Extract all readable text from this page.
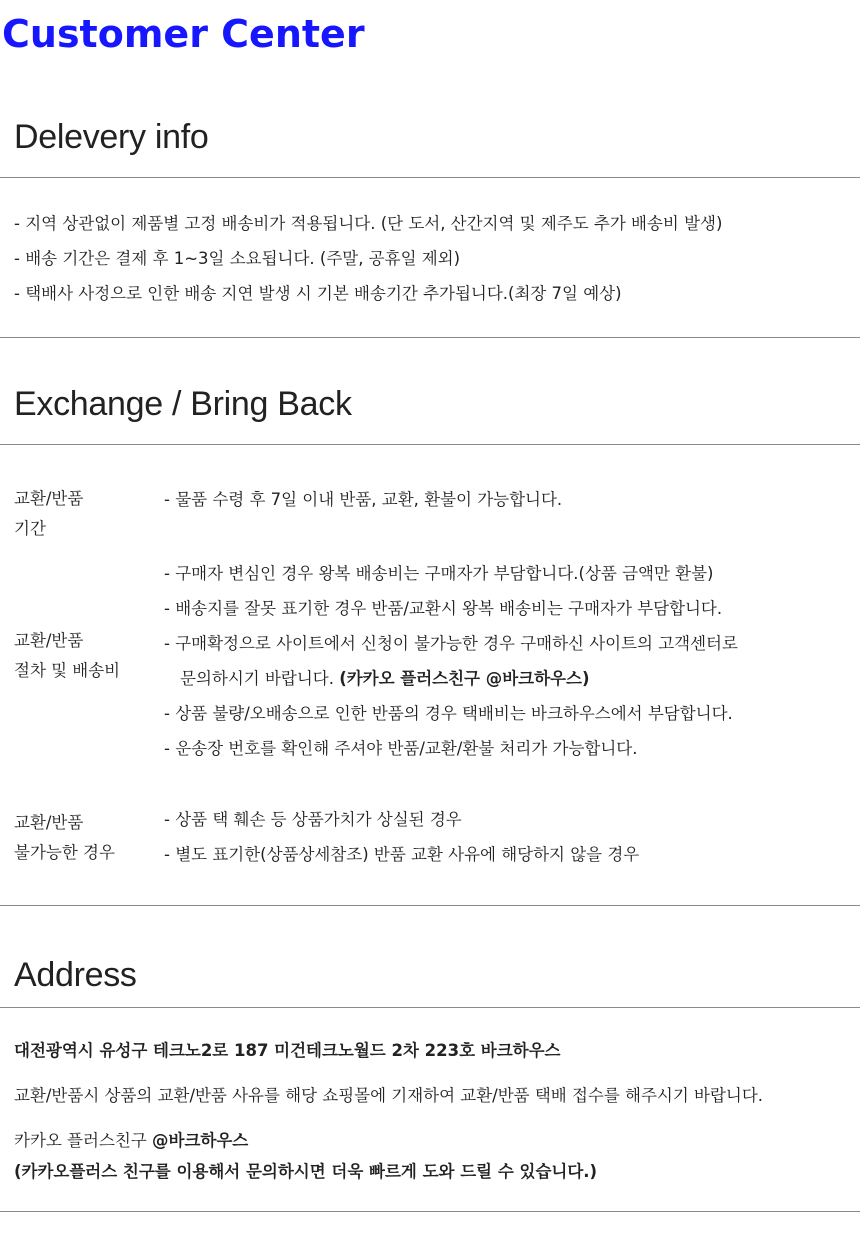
Customer Center
Delevery info
- 지역 상관없이 제품별 고정 배송비가 적용됩니다. (단 도서, 산간지역 및 제주도 추가 배송비 발생)
- 배송 기간은 결제 후 1~3일 소요됩니다. (주말, 공휴일 제외)
- 택배사 사정으로 인한 배송 지연 발생 시 기본 배송기간 추가됩니다.(최장 7일 예상)
Exchange / Bring Back
교환/반품
기간
- 물품 수령 후 7일 이내 반품, 교환, 환불이 가능합니다.
교환/반품
절차 및 배송비
- 구매자 변심인 경우 왕복 배송비는 구매자가 부담합니다.(상품 금액만 환불)
- 배송지를 잘못 표기한 경우 반품/교환시 왕복 배송비는 구매자가 부담합니다.
- 구매확정으로 사이트에서 신청이 불가능한 경우 구매하신 사이트의 고객센터로
문의하시기 바랍니다. (카카오 플러스친구 @바크하우스)
- 상품 불량/오배송으로 인한 반품의 경우 택배비는 바크하우스에서 부담합니다.
- 운송장 번호를 확인해 주셔야 반품/교환/환불 처리가 가능합니다.
교환/반품
불가능한 경우
- 상품 택 훼손 등 상품가치가 상실된 경우
- 별도 표기한(상품상세참조) 반품 교환 사유에 해당하지 않을 경우
Address
대전광역시 유성구 테크노2로 187 미건테크노월드 2차 223호 바크하우스
교환/반품시 상품의 교환/반품 사유를 해당 쇼핑몰에 기재하여 교환/반품 택배 접수를 해주시기 바랍니다.
카카오 플러스친구 @바크하우스
(카카오플러스 친구를 이용해서 문의하시면 더욱 빠르게 도와 드릴 수 있습니다.)
